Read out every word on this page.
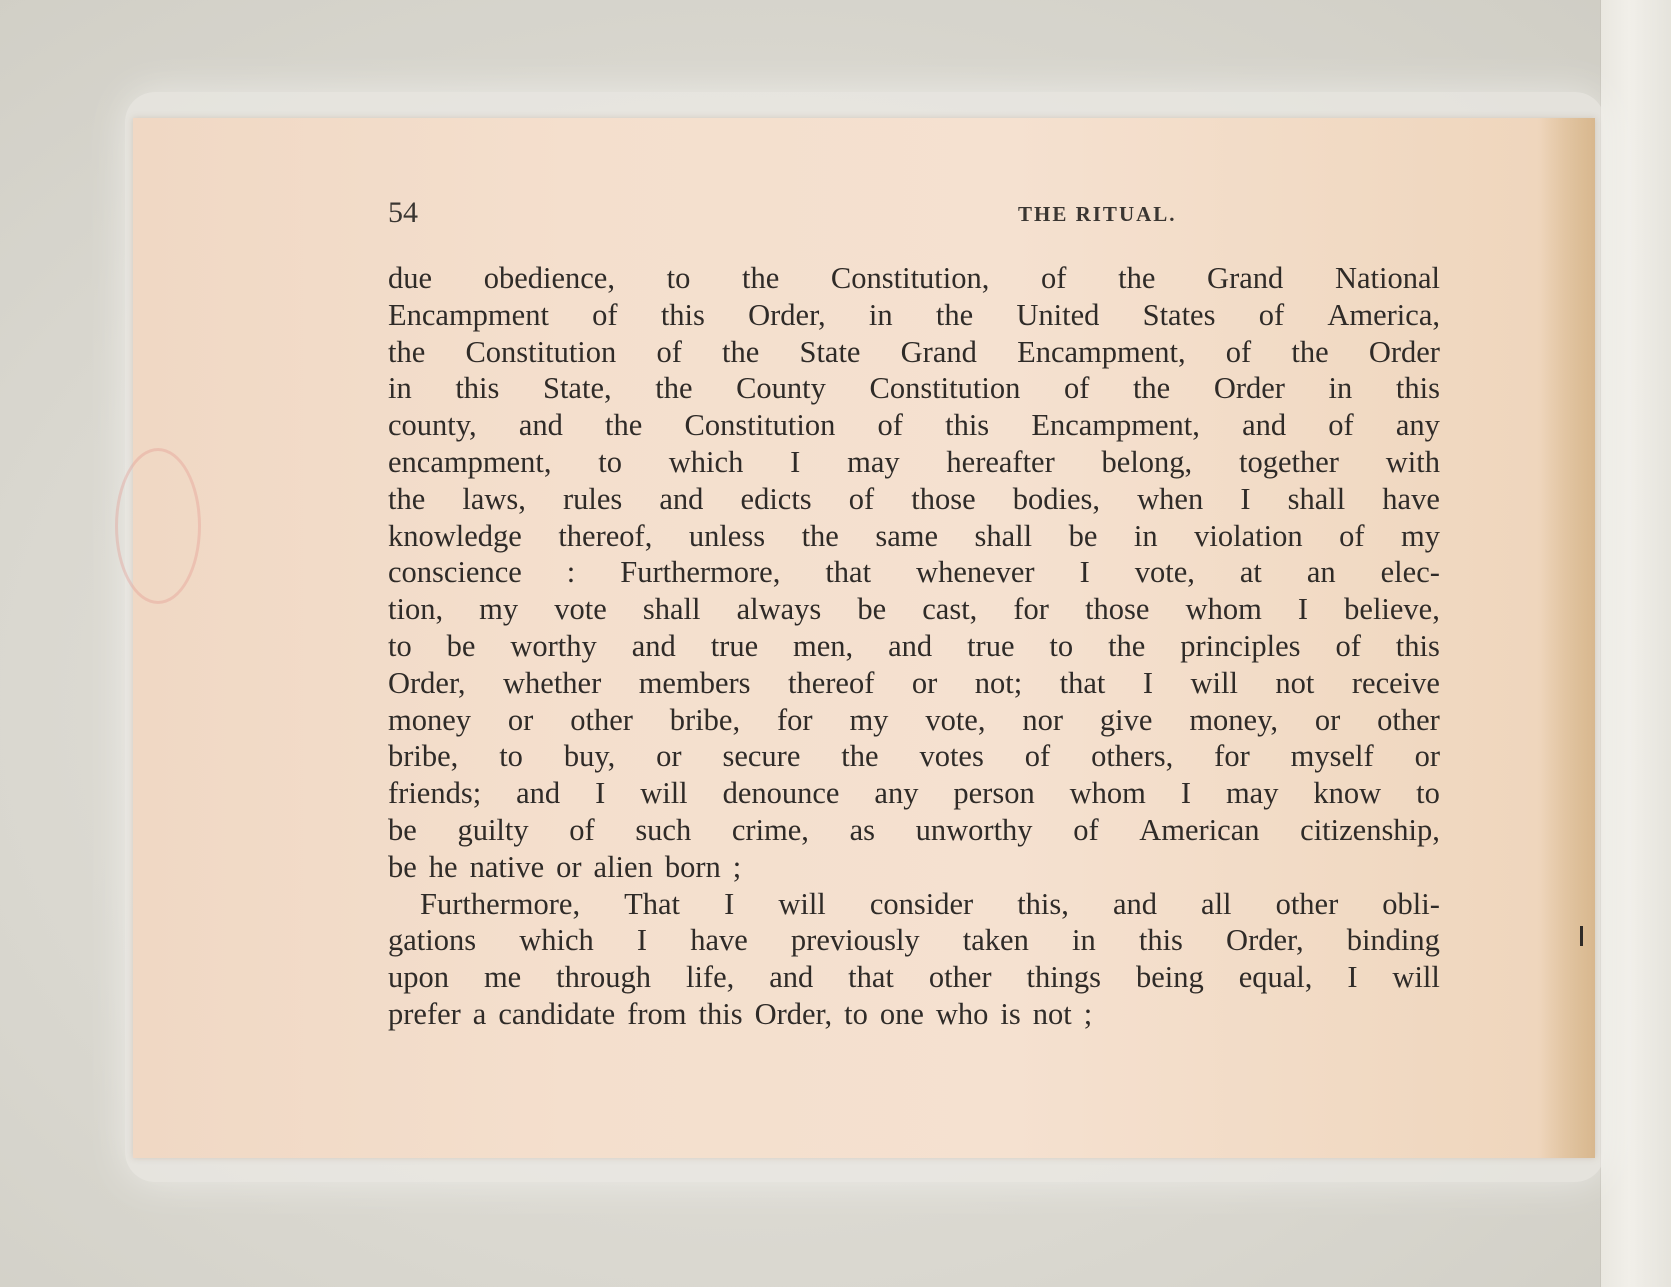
54	THE RITUAL.
due obedience, to the Constitution, of the Grand National
Encampment of this Order, in the United States of America,
the Constitution of the State Grand Encampment, of the Order
in this State, the County Constitution of the Order in this
county, and the Constitution of this Encampment, and of any
encampment, to which I may hereafter belong, together with
the laws, rules and edicts of those bodies, when I shall have
knowledge thereof, unless the same shall be in violation of my
conscience : Furthermore, that whenever I vote, at an elec-
tion, my vote shall always be cast, for those whom I believe,
to be worthy and true men, and true to the principles of this
Order, whether members thereof or not; that I will not receive
money or other bribe, for my vote, nor give money, or other
bribe, to buy, or secure the votes of others, for myself or
friends; and I will denounce any person whom I may know to
be guilty of such crime, as unworthy of American citizenship,
be he native or alien born ;
Furthermore, That I will consider this, and all other obli-
gations which I have previously taken in this Order, binding
upon me through life, and that other things being equal, I will
prefer a candidate from this Order, to one who is not ;
